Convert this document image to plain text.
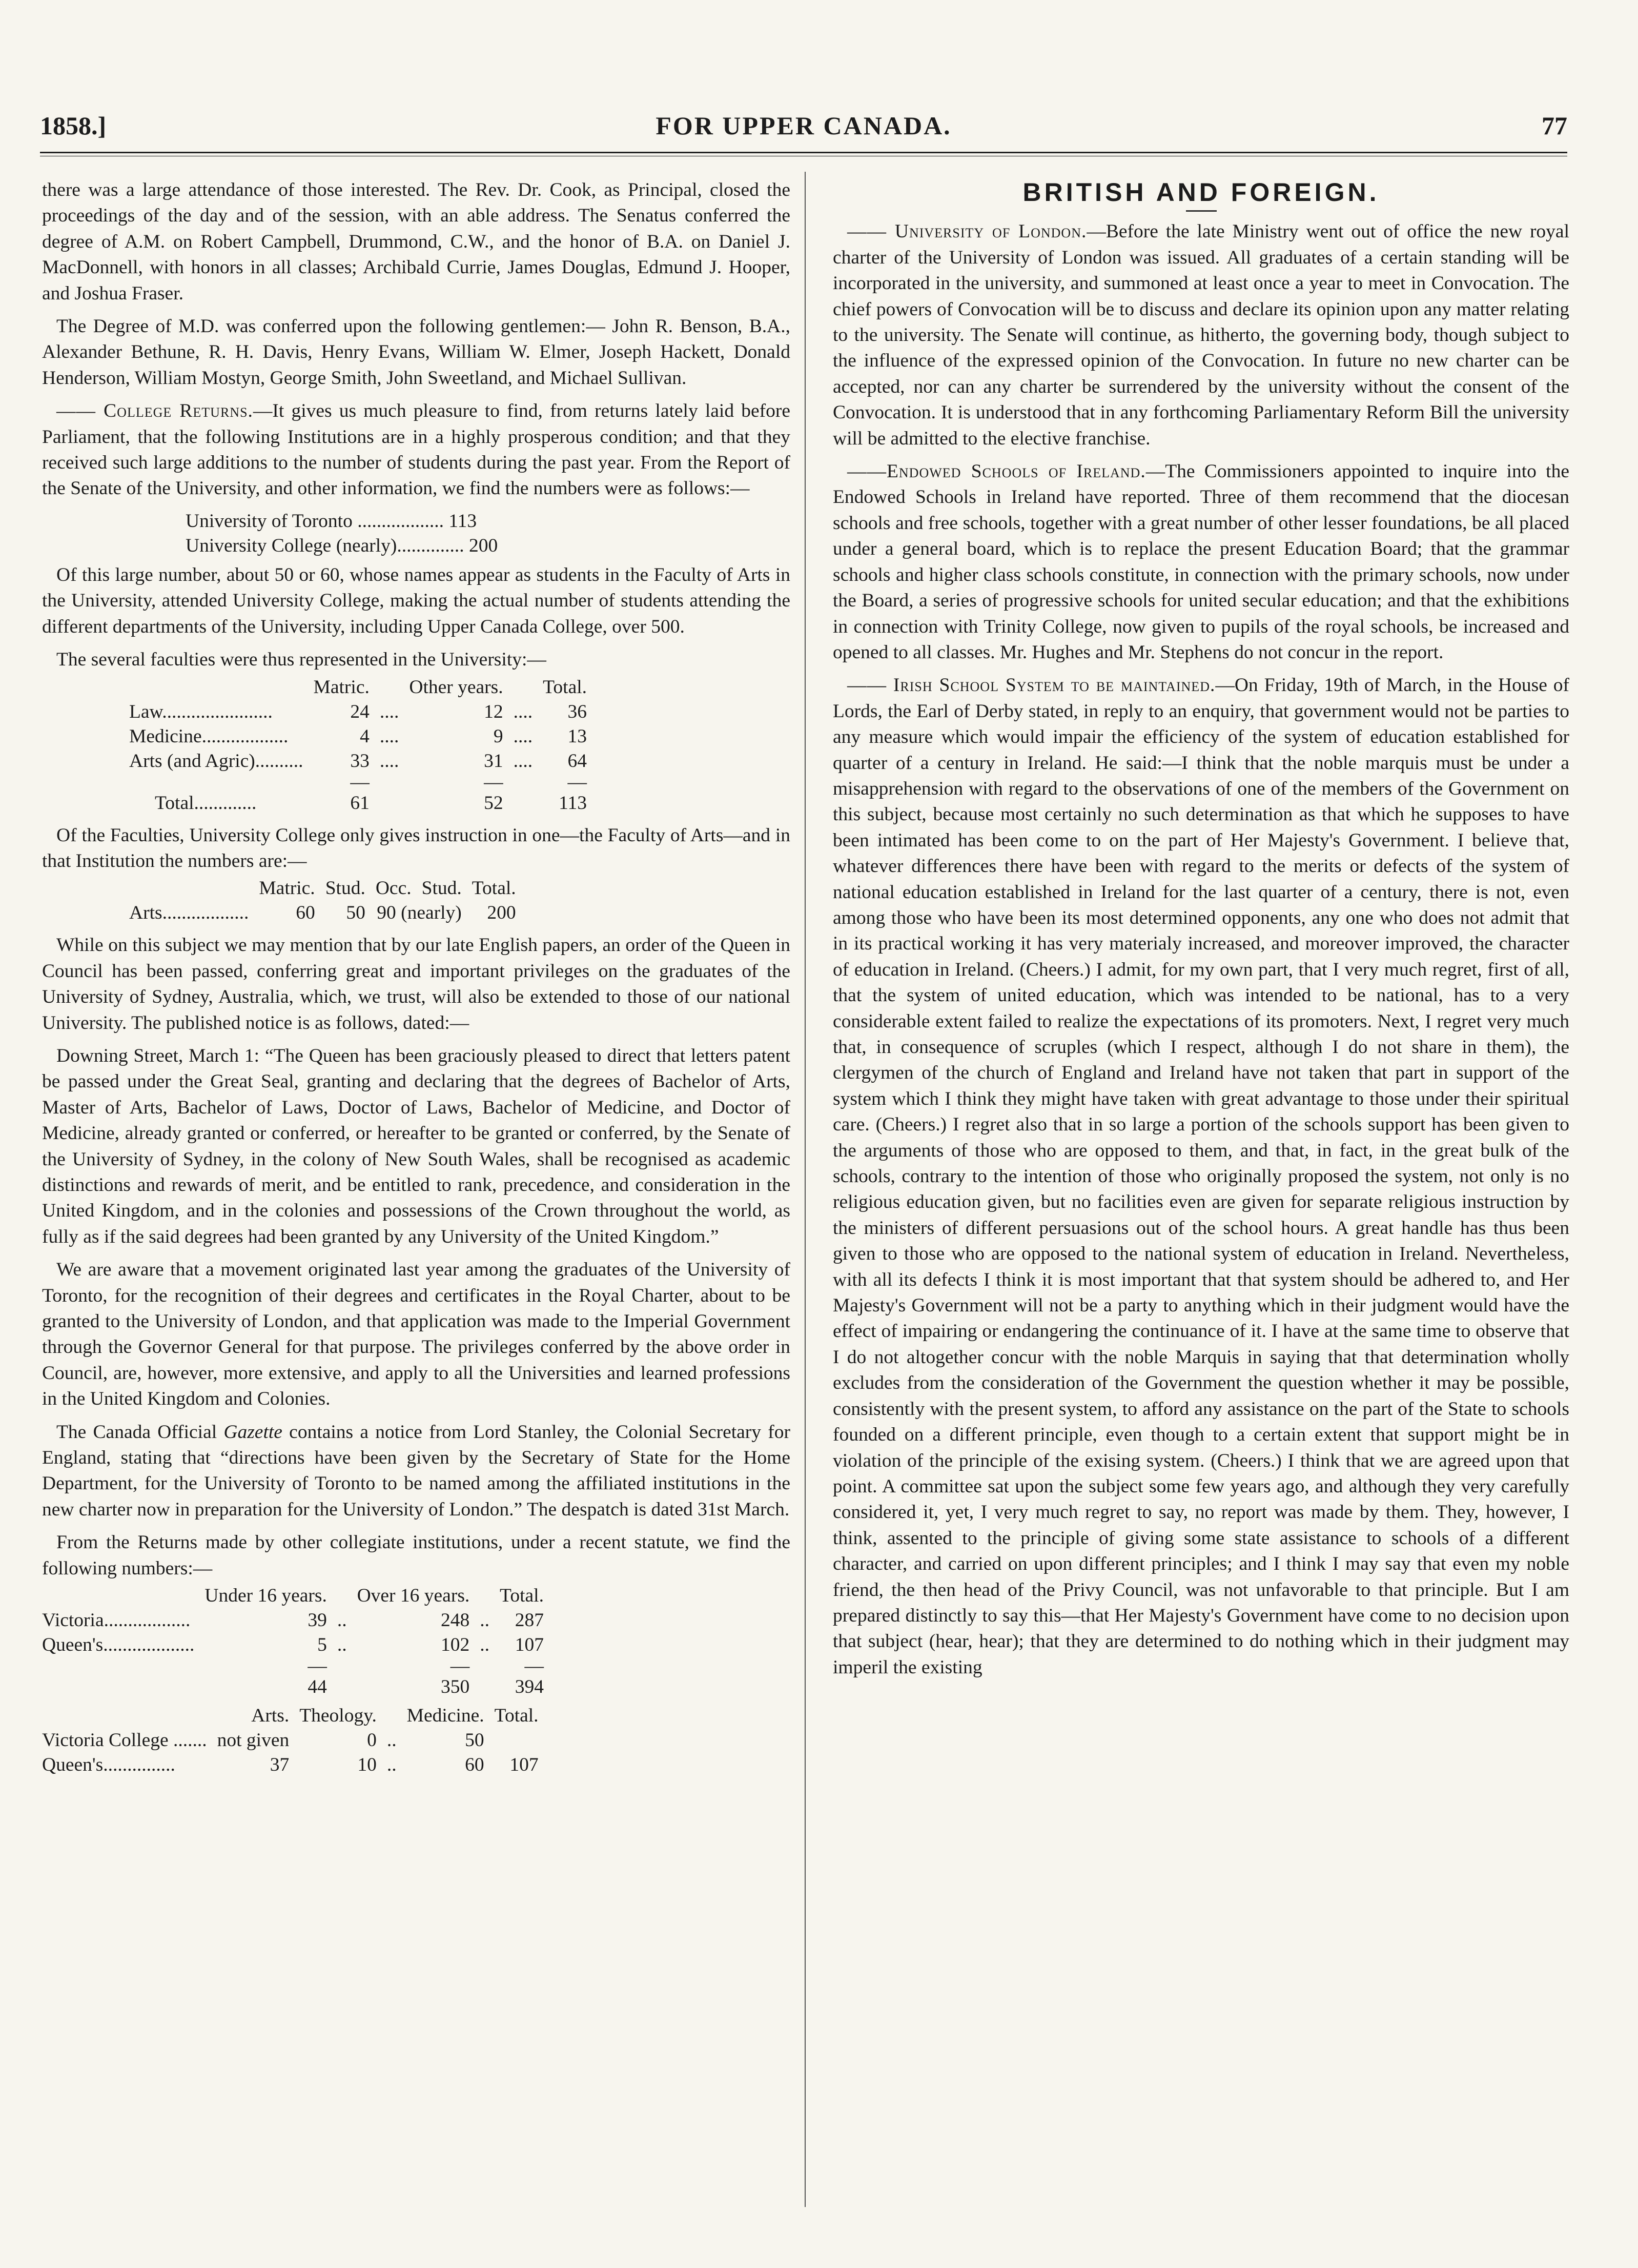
1858.]	FOR UPPER CANADA.	77

there was a large attendance of those interested. The Rev. Dr. Cook, as Principal, closed the proceedings of the day and of the session, with an able address. The Senatus conferred the degree of A.M. on Robert Campbell, Drummond, C.W., and the honor of B.A. on Daniel J. MacDonnell, with honors in all classes; Archibald Currie, James Douglas, Edmund J. Hooper, and Joshua Fraser.

The Degree of M.D. was conferred upon the following gentlemen:— John R. Benson, B.A., Alexander Bethune, R. H. Davis, Henry Evans, William W. Elmer, Joseph Hackett, Donald Henderson, William Mostyn, George Smith, John Sweetland, and Michael Sullivan.

—— College Returns.—It gives us much pleasure to find, from returns lately laid before Parliament, that the following Institutions are in a highly prosperous condition; and that they received such large additions to the number of students during the past year. From the Report of the Senate of the University, and other information, we find the numbers were as follows:—

University of Toronto .................. 113
University College (nearly).............. 200

Of this large number, about 50 or 60, whose names appear as students in the Faculty of Arts in the University, attended University College, making the actual number of students attending the different departments of the University, including Upper Canada College, over 500.

The several faculties were thus represented in the University:—

	Matric.		Other years.		Total.
Law.......................	24	....	12	....	36
Medicine..................	4	....	9	....	13
Arts (and Agric)..........	33	....	31	....	64
	—		—		—
Total.............	61		52		113

Of the Faculties, University College only gives instruction in one—the Faculty of Arts—and in that Institution the numbers are:—

	Matric.	Stud.	Occ.	Stud.	Total.
Arts..................	60	50	90 (nearly)		200

While on this subject we may mention that by our late English papers, an order of the Queen in Council has been passed, conferring great and important privileges on the graduates of the University of Sydney, Australia, which, we trust, will also be extended to those of our national University. The published notice is as follows, dated:—

Downing Street, March 1: “The Queen has been graciously pleased to direct that letters patent be passed under the Great Seal, granting and declaring that the degrees of Bachelor of Arts, Master of Arts, Bachelor of Laws, Doctor of Laws, Bachelor of Medicine, and Doctor of Medicine, already granted or conferred, or hereafter to be granted or conferred, by the Senate of the University of Sydney, in the colony of New South Wales, shall be recognised as academic distinctions and rewards of merit, and be entitled to rank, precedence, and consideration in the United Kingdom, and in the colonies and possessions of the Crown throughout the world, as fully as if the said degrees had been granted by any University of the United Kingdom.”

We are aware that a movement originated last year among the graduates of the University of Toronto, for the recognition of their degrees and certificates in the Royal Charter, about to be granted to the University of London, and that application was made to the Imperial Government through the Governor General for that purpose. The privileges conferred by the above order in Council, are, however, more extensive, and apply to all the Universities and learned professions in the United Kingdom and Colonies.

The Canada Official Gazette contains a notice from Lord Stanley, the Colonial Secretary for England, stating that “directions have been given by the Secretary of State for the Home Department, for the University of Toronto to be named among the affiliated institutions in the new charter now in preparation for the University of London.” The despatch is dated 31st March.

From the Returns made by other collegiate institutions, under a recent statute, we find the following numbers:—

	Under 16 years.		Over 16 years.		Total.
Victoria..................	39	..	248	..	287
Queen's...................	5	..	102	..	107
	—		—		—
	44		350		394
	Arts.	Theology.		Medicine.	Total.
Victoria College .......	not given	0	..	50	
Queen's...............	37	10	..	60	107
BRITISH AND FOREIGN.

—— University of London.—Before the late Ministry went out of office the new royal charter of the University of London was issued. All graduates of a certain standing will be incorporated in the university, and summoned at least once a year to meet in Convocation. The chief powers of Convocation will be to discuss and declare its opinion upon any matter relating to the university. The Senate will continue, as hitherto, the governing body, though subject to the influence of the expressed opinion of the Convocation. In future no new charter can be accepted, nor can any charter be surrendered by the university without the consent of the Convocation. It is understood that in any forthcoming Parliamentary Reform Bill the university will be admitted to the elective franchise.

——Endowed Schools of Ireland.—The Commissioners appointed to inquire into the Endowed Schools in Ireland have reported. Three of them recommend that the diocesan schools and free schools, together with a great number of other lesser foundations, be all placed under a general board, which is to replace the present Education Board; that the grammar schools and higher class schools constitute, in connection with the primary schools, now under the Board, a series of progressive schools for united secular education; and that the exhibitions in connection with Trinity College, now given to pupils of the royal schools, be increased and opened to all classes. Mr. Hughes and Mr. Stephens do not concur in the report.

—— Irish School System to be maintained.—On Friday, 19th of March, in the House of Lords, the Earl of Derby stated, in reply to an enquiry, that government would not be parties to any measure which would impair the efficiency of the system of education established for quarter of a century in Ireland. He said:—I think that the noble marquis must be under a misapprehension with regard to the observations of one of the members of the Government on this subject, because most certainly no such determination as that which he supposes to have been intimated has been come to on the part of Her Majesty's Government. I believe that, whatever differences there have been with regard to the merits or defects of the system of national education established in Ireland for the last quarter of a century, there is not, even among those who have been its most determined opponents, any one who does not admit that in its practical working it has very materialy increased, and moreover improved, the character of education in Ireland. (Cheers.) I admit, for my own part, that I very much regret, first of all, that the system of united education, which was intended to be national, has to a very considerable extent failed to realize the expectations of its promoters. Next, I regret very much that, in consequence of scruples (which I respect, although I do not share in them), the clergymen of the church of England and Ireland have not taken that part in support of the system which I think they might have taken with great advantage to those under their spiritual care. (Cheers.) I regret also that in so large a portion of the schools support has been given to the arguments of those who are opposed to them, and that, in fact, in the great bulk of the schools, contrary to the intention of those who originally proposed the system, not only is no religious education given, but no facilities even are given for separate religious instruction by the ministers of different persuasions out of the school hours. A great handle has thus been given to those who are opposed to the national system of education in Ireland. Nevertheless, with all its defects I think it is most important that that system should be adhered to, and Her Majesty's Government will not be a party to anything which in their judgment would have the effect of impairing or endangering the continuance of it. I have at the same time to observe that I do not altogether concur with the noble Marquis in saying that that determination wholly excludes from the consideration of the Government the question whether it may be possible, consistently with the present system, to afford any assistance on the part of the State to schools founded on a different principle, even though to a certain extent that support might be in violation of the principle of the exising system. (Cheers.) I think that we are agreed upon that point. A committee sat upon the subject some few years ago, and although they very carefully considered it, yet, I very much regret to say, no report was made by them. They, however, I think, assented to the principle of giving some state assistance to schools of a different character, and carried on upon different principles; and I think I may say that even my noble friend, the then head of the Privy Council, was not unfavorable to that principle. But I am prepared distinctly to say this—that Her Majesty's Government have come to no decision upon that subject (hear, hear); that they are determined to do nothing which in their judgment may imperil the existing
